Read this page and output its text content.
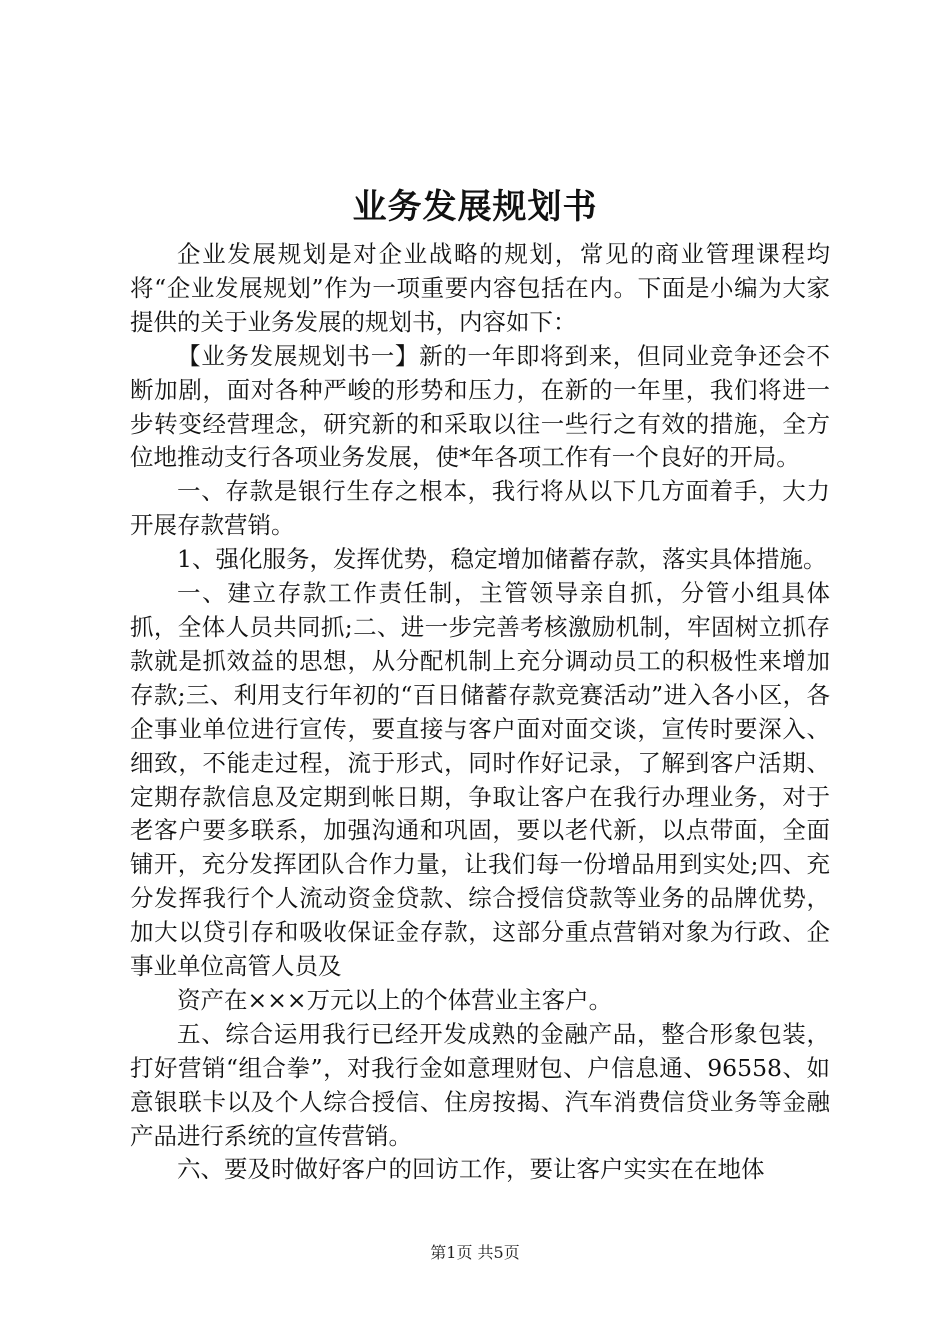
业务发展规划书

企业发展规划是对企业战略的规划，常见的商业管理课程均将“企业发展规划”作为一项重要内容包括在内。下面是小编为大家提供的关于业务发展的规划书，内容如下：

【业务发展规划书一】新的一年即将到来，但同业竞争还会不断加剧，面对各种严峻的形势和压力，在新的一年里，我们将进一步转变经营理念，研究新的和采取以往一些行之有效的措施，全方位地推动支行各项业务发展，使*年各项工作有一个良好的开局。

一、存款是银行生存之根本，我行将从以下几方面着手，大力开展存款营销。

1、强化服务，发挥优势，稳定增加储蓄存款，落实具体措施。

一、建立存款工作责任制，主管领导亲自抓，分管小组具体抓，全体人员共同抓;二、进一步完善考核激励机制，牢固树立抓存款就是抓效益的思想，从分配机制上充分调动员工的积极性来增加存款;三、利用支行年初的“百日储蓄存款竞赛活动”进入各小区，各企事业单位进行宣传，要直接与客户面对面交谈，宣传时要深入、细致，不能走过程，流于形式，同时作好记录，了解到客户活期、定期存款信息及定期到帐日期，争取让客户在我行办理业务，对于老客户要多联系，加强沟通和巩固，要以老代新，以点带面，全面铺开，充分发挥团队合作力量，让我们每一份增品用到实处;四、充分发挥我行个人流动资金贷款、综合授信贷款等业务的品牌优势，加大以贷引存和吸收保证金存款，这部分重点营销对象为行政、企事业单位高管人员及

资产在×××万元以上的个体营业主客户。

五、综合运用我行已经开发成熟的金融产品，整合形象包装，打好营销“组合拳”，对我行金如意理财包、户信息通、96558、如意银联卡以及个人综合授信、住房按揭、汽车消费信贷业务等金融产品进行系统的宣传营销。

六、要及时做好客户的回访工作，要让客户实实在在地体

第1页 共5页
